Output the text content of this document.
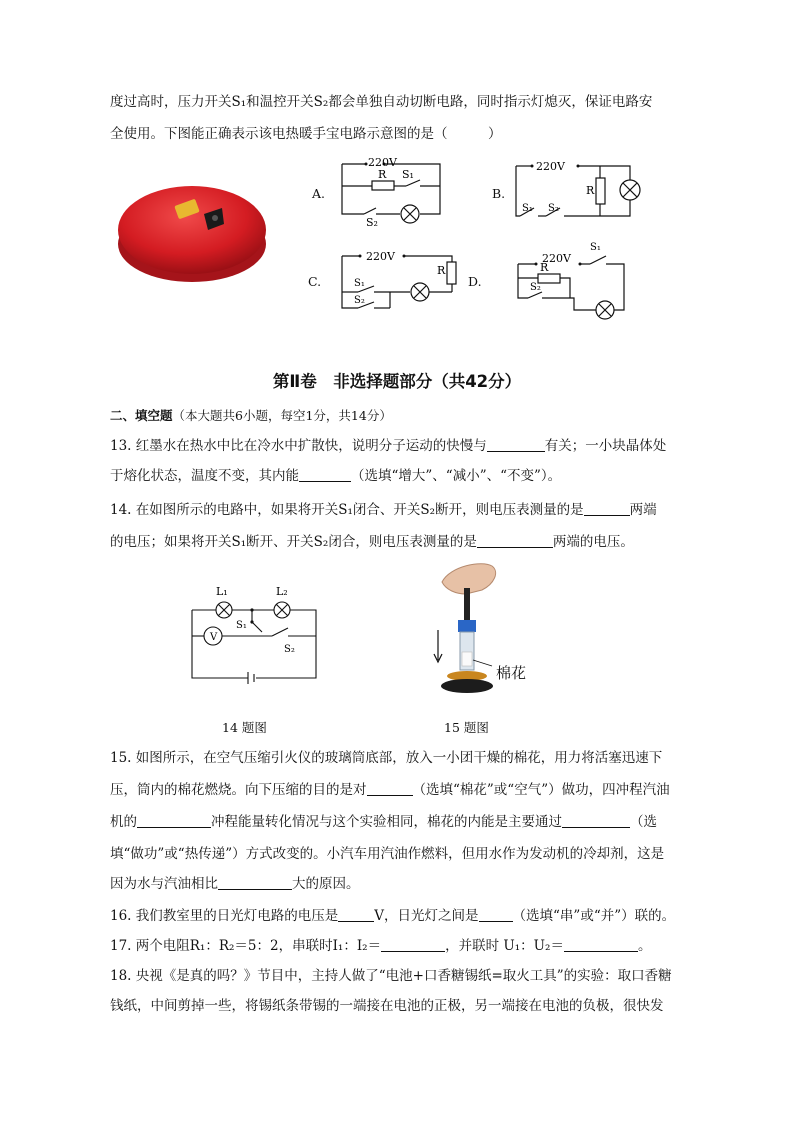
度过高时，压力开关S₁和温控开关S₂都会单独自动切断电路，同时指示灯熄灭，保证电路安
全使用。下图能正确表示该电热暖手宝电路示意图的是（　　　）
A.	B.
C.	D.
220V
R S₁
S₂
220V
R
S₁ S₂
220V
R
S₁
S₂
220V
R
S₁
S₂
第Ⅱ卷　非选择题部分（共42分）
二、填空题（本大题共6小题，每空1分，共14分）
13. 红墨水在热水中比在冷水中扩散快，说明分子运动的快慢与	有关；一小块晶体处
于熔化状态，温度不变，其内能	（选填“增大”、“减小”、“不变”）。
14. 在如图所示的电路中，如果将开关S₁闭合、开关S₂断开，则电压表测量的是	两端
的电压；如果将开关S₁断开、开关S₂闭合，则电压表测量的是	两端的电压。
L₁	L₂
V
S₁
S₂
14 题图
棉花
15 题图
15. 如图所示，在空气压缩引火仪的玻璃筒底部，放入一小团干燥的棉花，用力将活塞迅速下
压，筒内的棉花燃烧。向下压缩的目的是对	（选填“棉花”或“空气”）做功，四冲程汽油
机的	冲程能量转化情况与这个实验相同，棉花的内能是主要通过	（选
填“做功”或“热传递”）方式改变的。小汽车用汽油作燃料，但用水作为发动机的冷却剂，这是
因为水与汽油相比	大的原因。
16. 我们教室里的日光灯电路的电压是	V，日光灯之间是	（选填“串”或“并”）联的。
17. 两个电阻R₁：R₂＝5：2，串联时I₁：I₂＝	，并联时 U₁：U₂＝	。
18. 央视《是真的吗？》节目中，主持人做了“电池+口香糖锡纸=取火工具”的实验：取口香糖
钱纸，中间剪掉一些，将锡纸条带锡的一端接在电池的正极，另一端接在电池的负极，很快发
